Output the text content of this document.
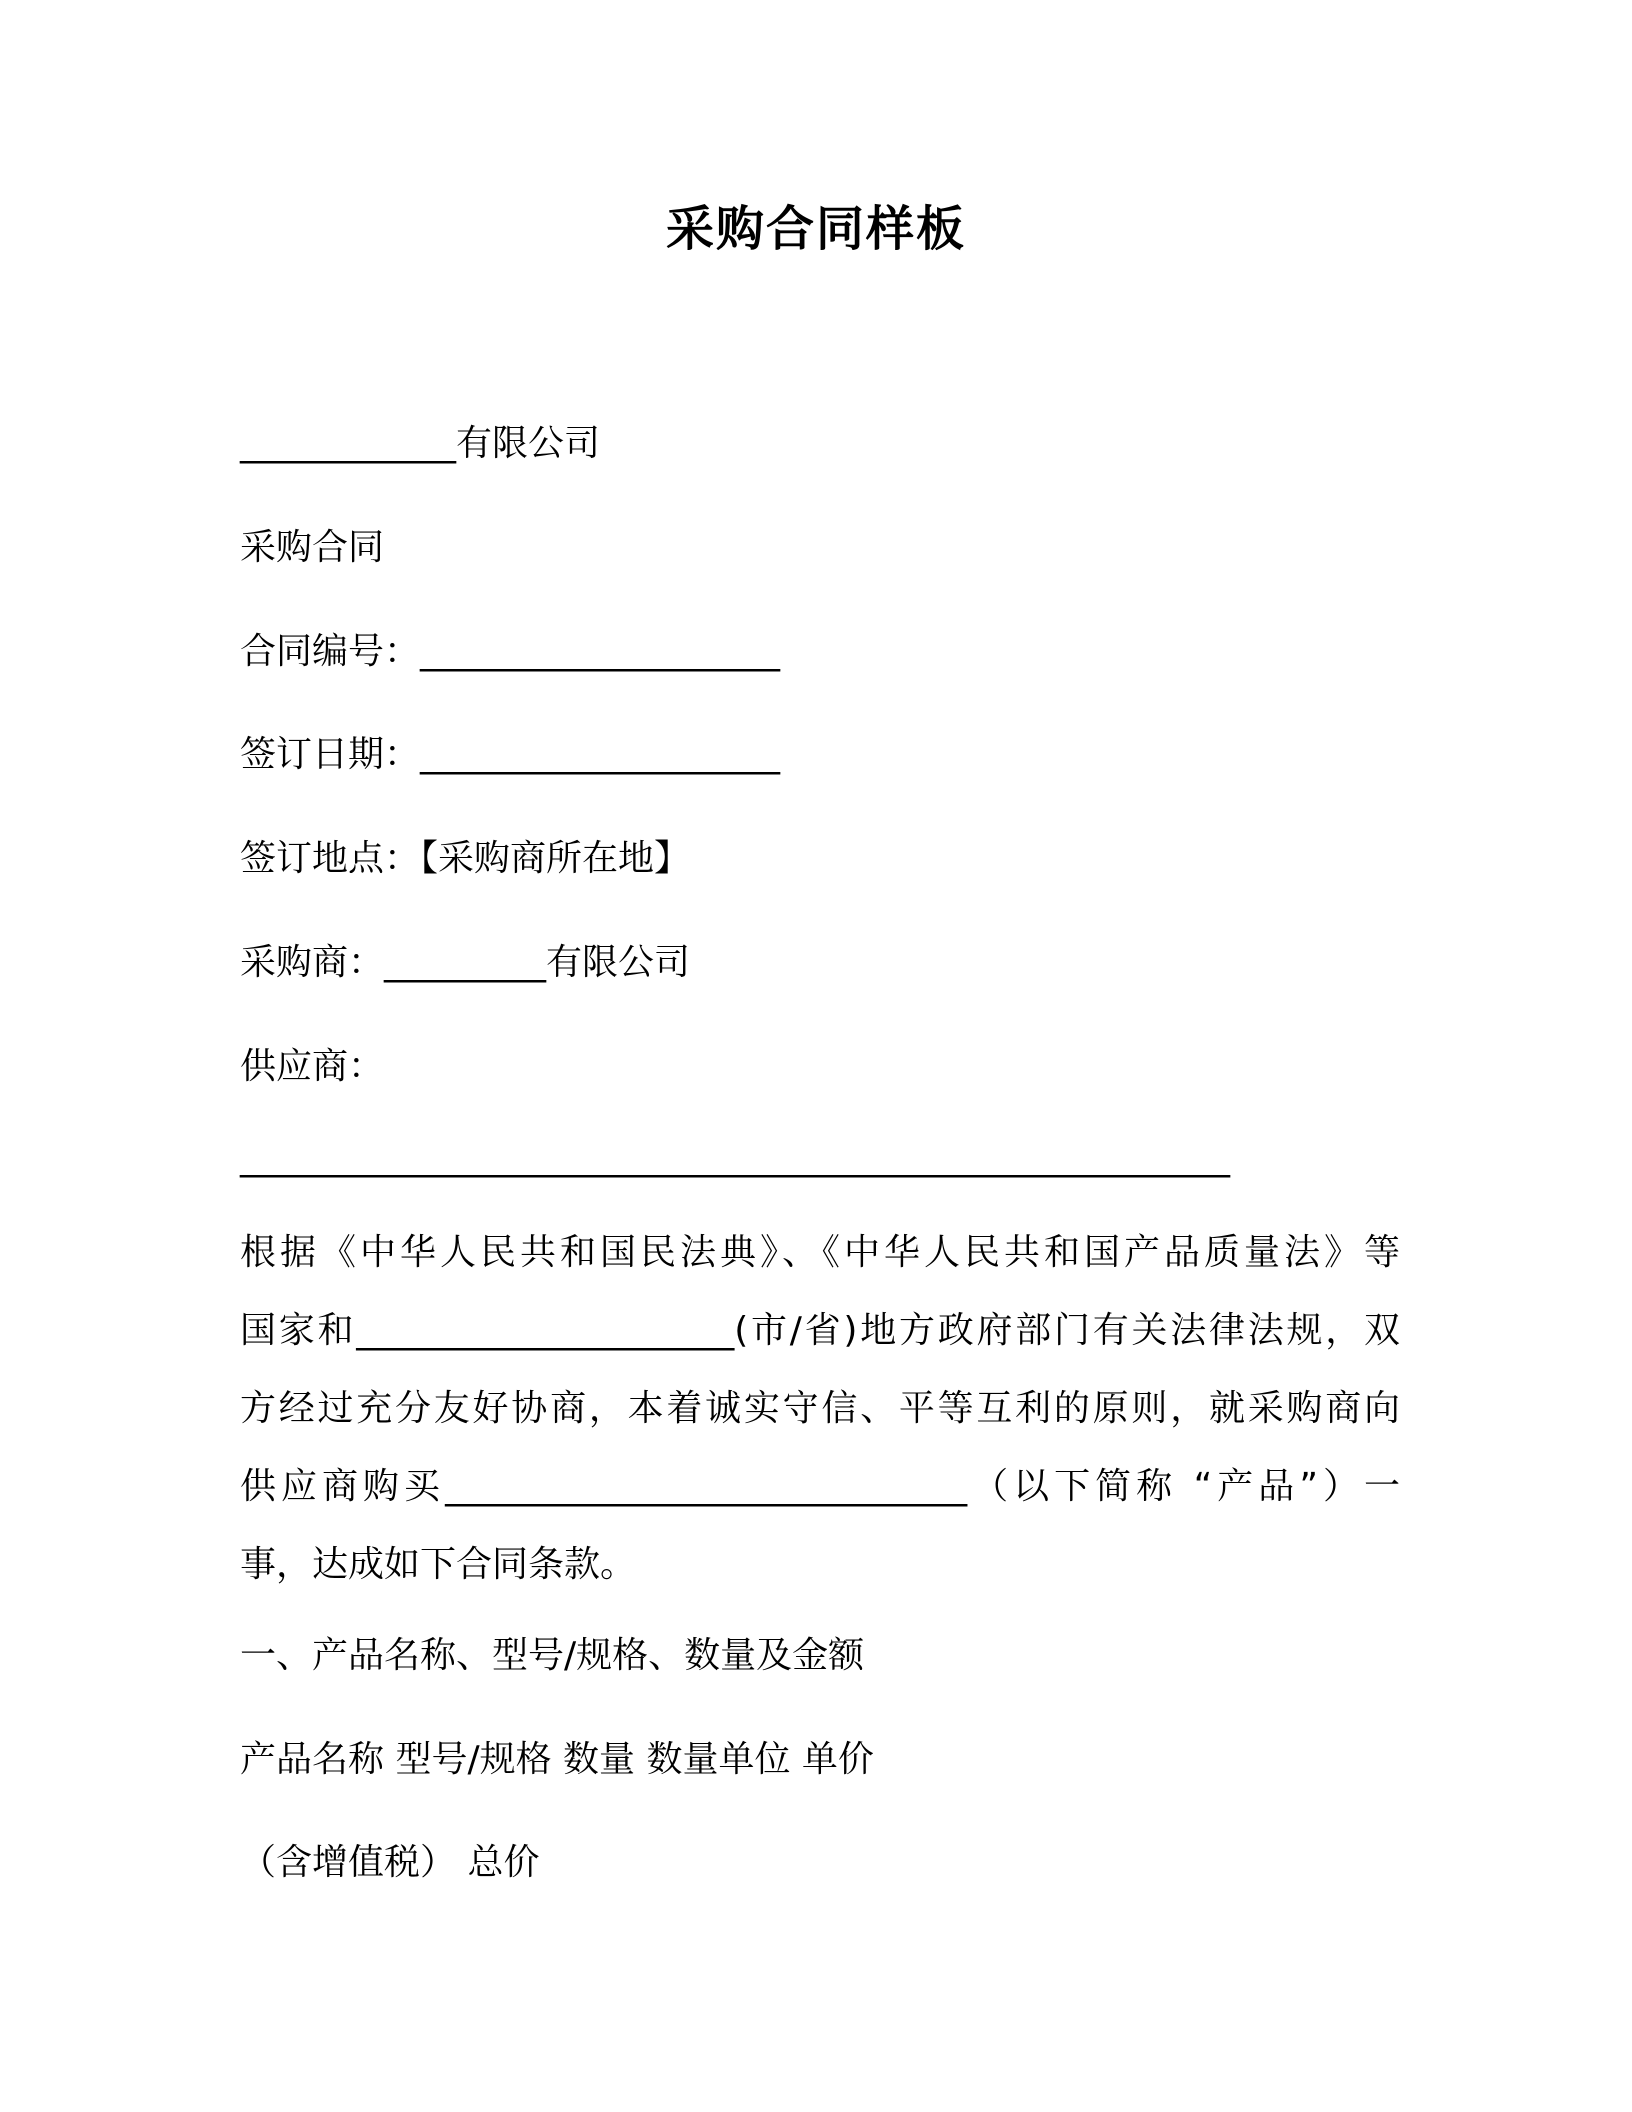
采购合同样板
____________有限公司
采购合同
合同编号：____________________
签订日期：____________________
签订地点：【采购商所在地】
采购商：_________有限公司
供应商：
_______________________________________________________
根据《中华人民共和国民法典》、《中华人民共和国产品质量法》等
国家和_____________________(市/省)地方政府部门有关法律法规，双
方经过充分友好协商，本着诚实守信、平等互利的原则，就采购商向
供应商购买_____________________________（以下简称 “产品”）一
事，达成如下合同条款。
一、产品名称、型号/规格、数量及金额
产品名称 型号/规格 数量 数量单位 单价
（含增值税） 总价
